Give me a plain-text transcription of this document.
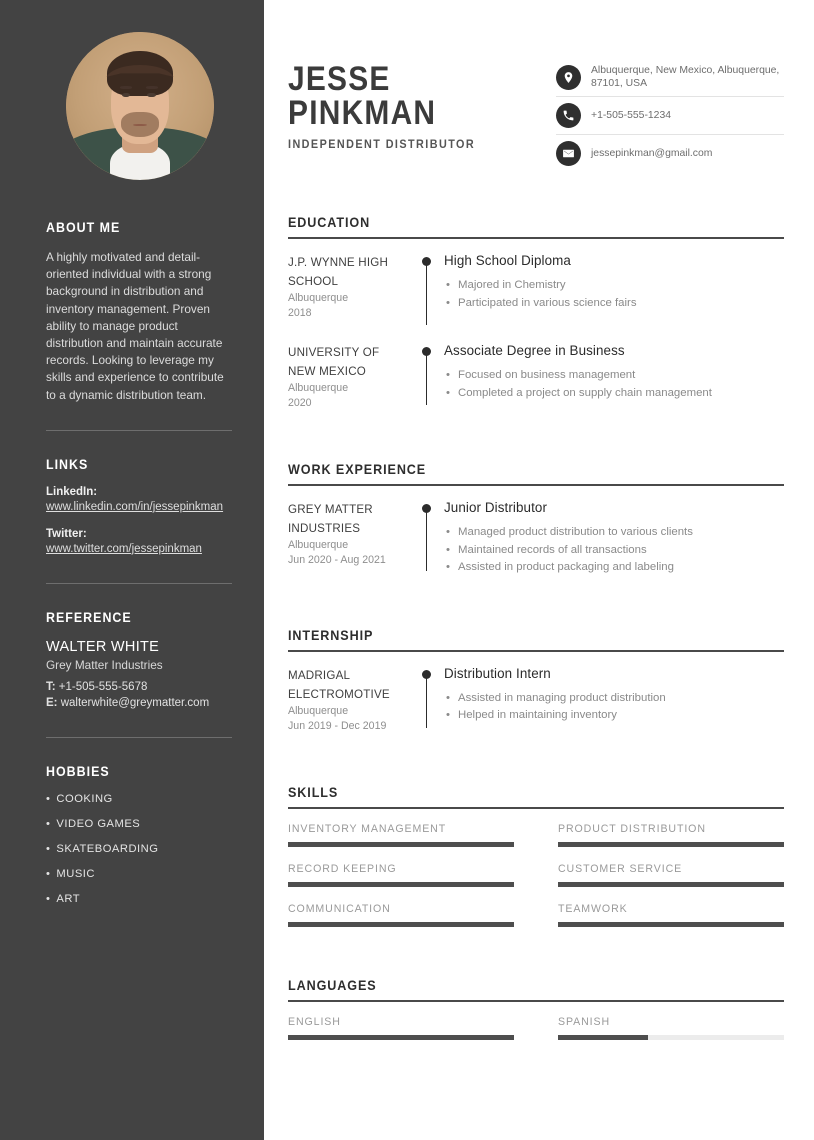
ABOUT ME

A highly motivated and detail-oriented individual with a strong background in distribution and inventory management. Proven ability to manage product distribution and maintain accurate records. Looking to leverage my skills and experience to contribute to a dynamic distribution team.

LINKS
LinkedIn:
www.linkedin.com/in/jessepinkman
Twitter:
www.twitter.com/jessepinkman
REFERENCE
WALTER WHITE
Grey Matter Industries
T: +1-505-555-5678
E: walterwhite@greymatter.com
HOBBIES
• COOKING
• VIDEO GAMES
• SKATEBOARDING
• MUSIC
• ART
JESSE
PINKMAN
INDEPENDENT DISTRIBUTOR
Albuquerque, New Mexico, Albuquerque, 87101, USA
+1-505-555-1234
jessepinkman@gmail.com
EDUCATION
J.P. WYNNE HIGH SCHOOL
Albuquerque
2018
High School Diploma
• Majored in Chemistry
• Participated in various science fairs
UNIVERSITY OF NEW MEXICO
Albuquerque
2020
Associate Degree in Business
• Focused on business management
• Completed a project on supply chain management
WORK EXPERIENCE
GREY MATTER INDUSTRIES
Albuquerque
Jun 2020 - Aug 2021
Junior Distributor
• Managed product distribution to various clients
• Maintained records of all transactions
• Assisted in product packaging and labeling
INTERNSHIP
MADRIGAL ELECTROMOTIVE
Albuquerque
Jun 2019 - Dec 2019
Distribution Intern
• Assisted in managing product distribution
• Helped in maintaining inventory
SKILLS
INVENTORY MANAGEMENT	PRODUCT DISTRIBUTION
RECORD KEEPING	CUSTOMER SERVICE
COMMUNICATION	TEAMWORK
LANGUAGES
ENGLISH	SPANISH
